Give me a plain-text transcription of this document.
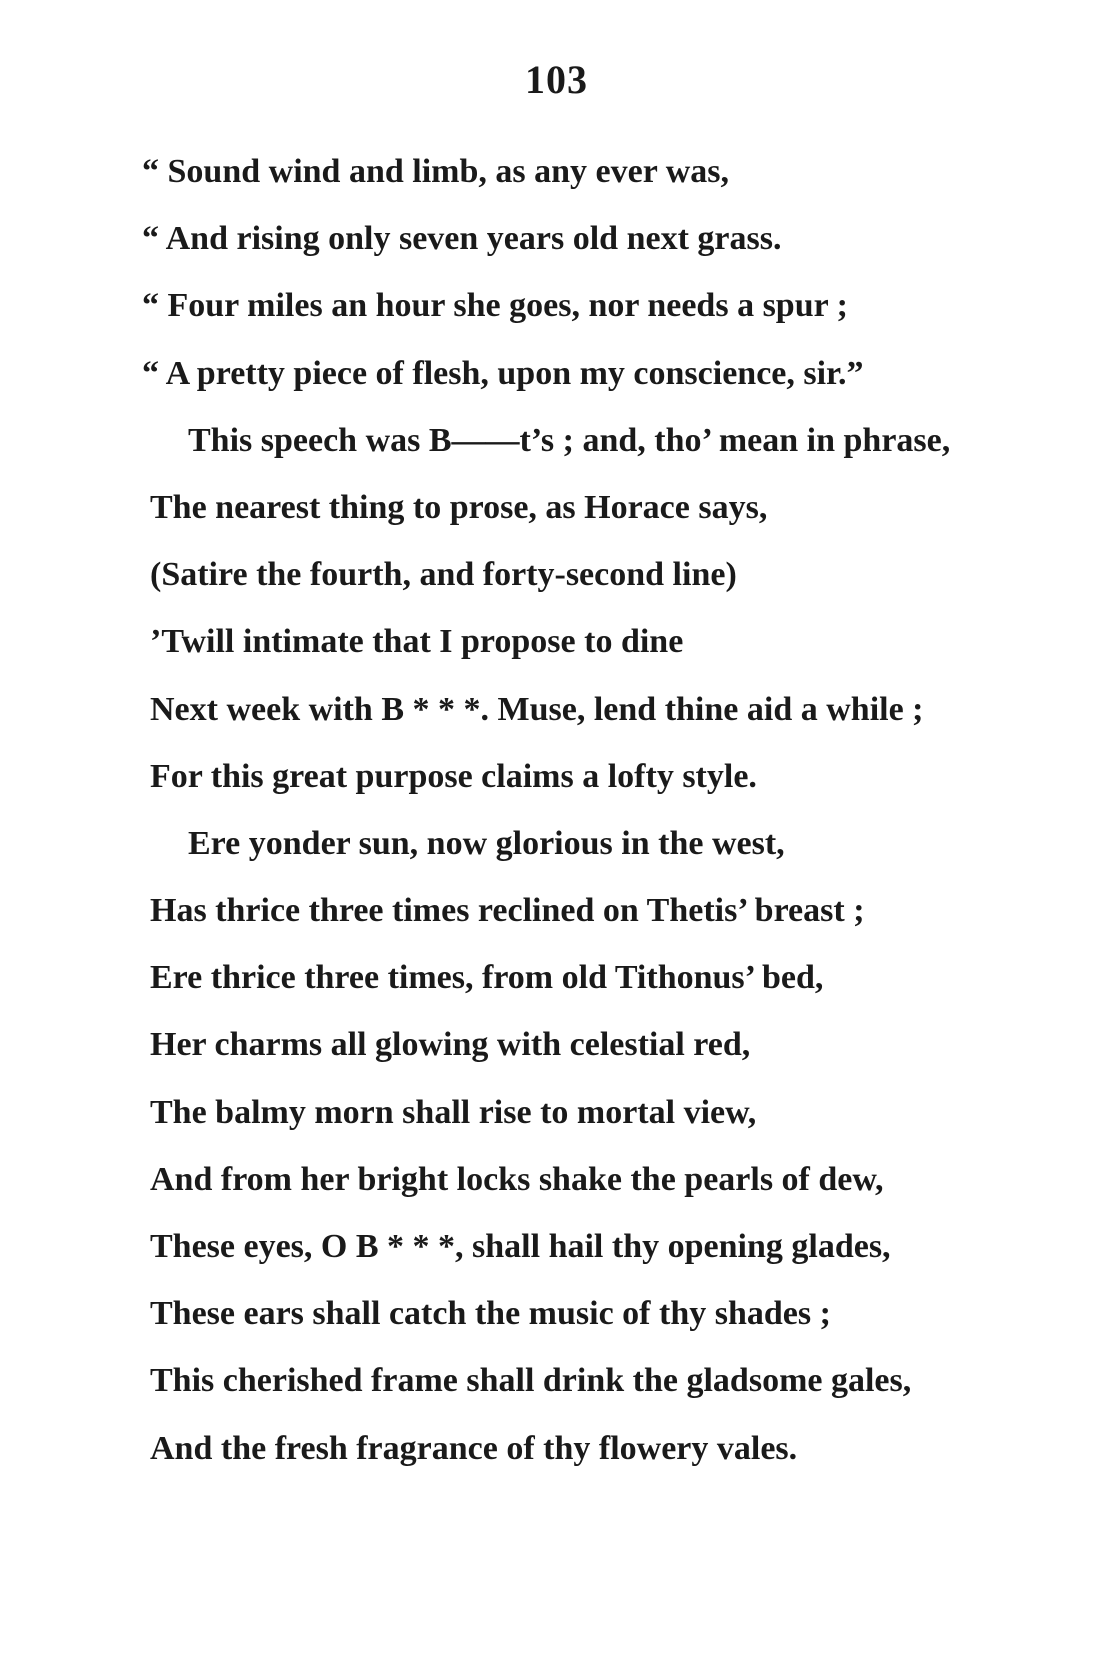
103
“ Sound wind and limb, as any ever was,
“ And rising only seven years old next grass.
“ Four miles an hour she goes, nor needs a spur ;
“ A pretty piece of flesh, upon my conscience, sir.”
This speech was B——t’s ; and, tho’ mean in phrase,
The nearest thing to prose, as Horace says,
(Satire the fourth, and forty-second line)
’Twill intimate that I propose to dine
Next week with B * * *. Muse, lend thine aid a while ;
For this great purpose claims a lofty style.
Ere yonder sun, now glorious in the west,
Has thrice three times reclined on Thetis’ breast ;
Ere thrice three times, from old Tithonus’ bed,
Her charms all glowing with celestial red,
The balmy morn shall rise to mortal view,
And from her bright locks shake the pearls of dew,
These eyes, O B * * *, shall hail thy opening glades,
These ears shall catch the music of thy shades ;
This cherished frame shall drink the gladsome gales,
And the fresh fragrance of thy flowery vales.
